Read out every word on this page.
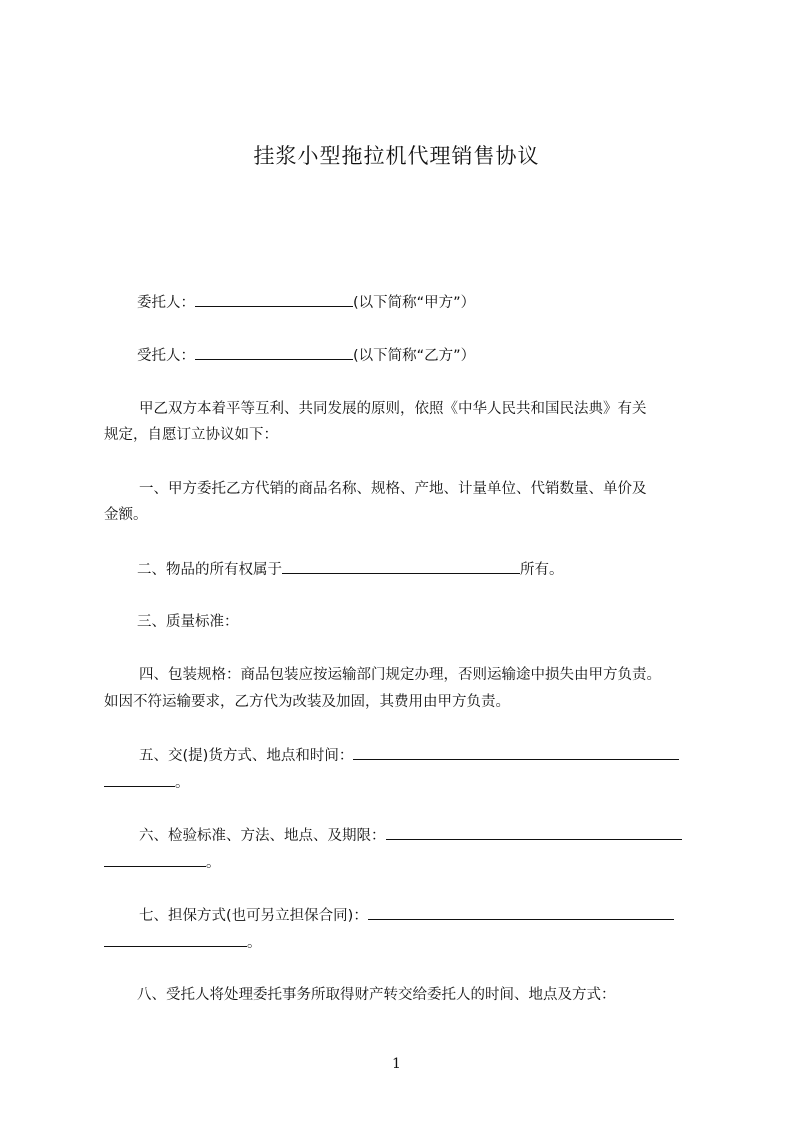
挂浆小型拖拉机代理销售协议
委托人：	(以下简称“甲方”）
受托人：	(以下简称“乙方”）
甲乙双方本着平等互利、共同发展的原则，依照《中华人民共和国民法典》有关
规定，自愿订立协议如下：
一、甲方委托乙方代销的商品名称、规格、产地、计量单位、代销数量、单价及
金额。
二、物品的所有权属于	所有。
三、质量标准：
四、包装规格：商品包装应按运输部门规定办理，否则运输途中损失由甲方负责。
如因不符运输要求，乙方代为改装及加固，其费用由甲方负责。
五、交(提)货方式、地点和时间：
。
六、检验标准、方法、地点、及期限：
。
七、担保方式(也可另立担保合同)：
。
八、受托人将处理委托事务所取得财产转交给委托人的时间、地点及方式：
1
